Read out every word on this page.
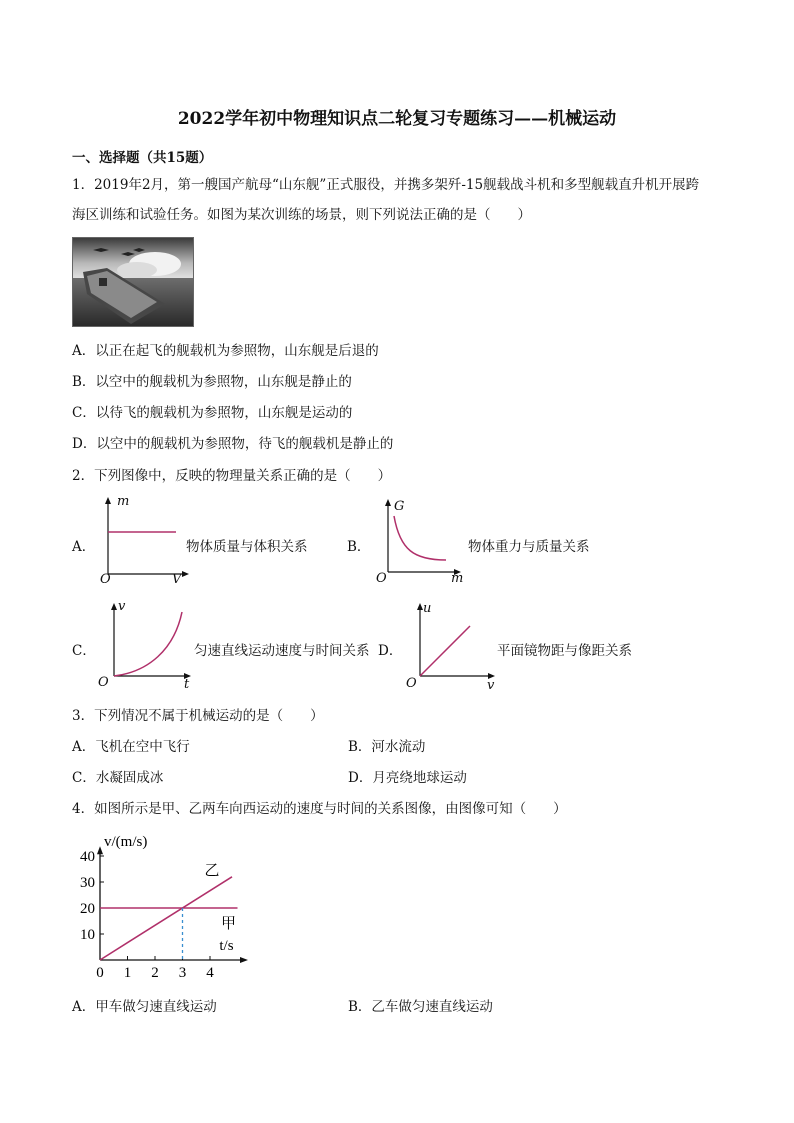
2022学年初中物理知识点二轮复习专题练习——机械运动
一、选择题（共15题）
1．2019年2月，第一艘国产航母“山东舰”正式服役，并携多架歼-15舰载战斗机和多型舰载直升机开展跨
海区训练和试验任务。如图为某次训练的场景，则下列说法正确的是（　　）
A．以正在起飞的舰载机为参照物，山东舰是后退的
B．以空中的舰载机为参照物，山东舰是静止的
C．以待飞的舰载机为参照物，山东舰是运动的
D．以空中的舰载机为参照物，待飞的舰载机是静止的
2．下列图像中，反映的物理量关系正确的是（　　）
A．
m
O	V
物体质量与体积关系	B．
G
O	m
物体重力与质量关系
C．
v
O	t
匀速直线运动速度与时间关系 D．
u
O	v
平面镜物距与像距关系
3．下列情况不属于机械运动的是（　　）
A．飞机在空中飞行	B．河水流动
C．水凝固成冰	D．月亮绕地球运动
4．如图所示是甲、乙两车向西运动的速度与时间的关系图像，由图像可知（　　）
0 1 2 3 4
10
20
30
40
甲
乙
v/(m/s)
t/s
A．甲车做匀速直线运动	B．乙车做匀速直线运动
